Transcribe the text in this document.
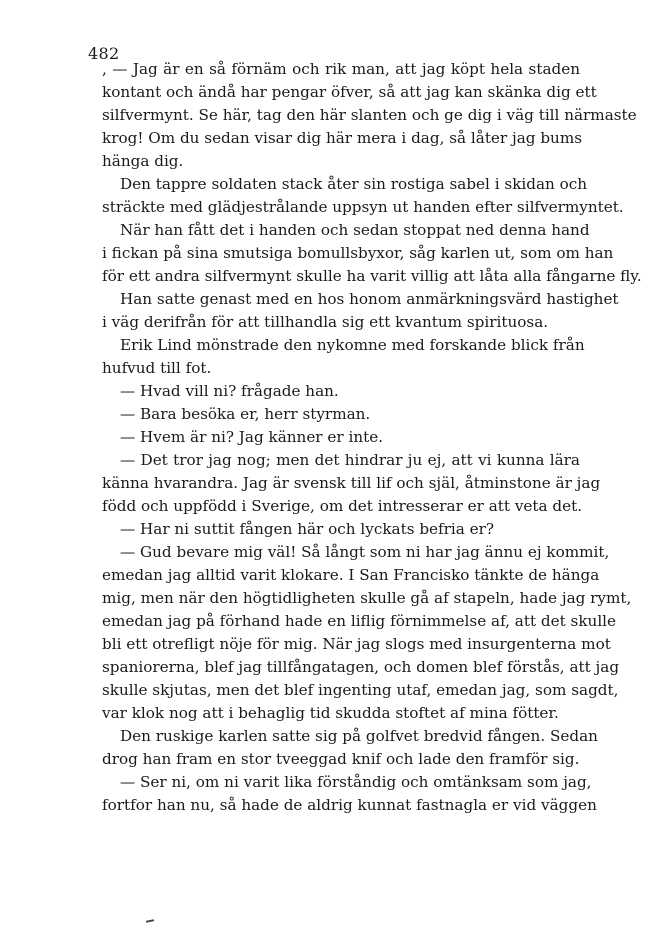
482
, — Jag är en så förnäm och rik man, att jag köpt hela staden
kontant och ändå har pengar öfver, så att jag kan skänka dig ett
silfvermynt. Se här, tag den här slanten och ge dig i väg till närmaste
krog! Om du sedan visar dig här mera i dag, så låter jag bums
hänga dig.
Den tappre soldaten stack åter sin rostiga sabel i skidan och
sträckte med glädjestrålande uppsyn ut handen efter silfvermyntet.
När han fått det i handen och sedan stoppat ned denna hand
i fickan på sina smutsiga bomullsbyxor, såg karlen ut, som om han
för ett andra silfvermynt skulle ha varit villig att låta alla fångarne fly.
Han satte genast med en hos honom anmärkningsvärd hastighet
i väg derifrån för att tillhandla sig ett kvantum spirituosa.
Erik Lind mönstrade den nykomne med forskande blick från
hufvud till fot.
— Hvad vill ni? frågade han.
— Bara besöka er, herr styrman.
— Hvem är ni? Jag känner er inte.
— Det tror jag nog; men det hindrar ju ej, att vi kunna lära
känna hvarandra. Jag är svensk till lif och själ, åtminstone är jag
född och uppfödd i Sverige, om det intresserar er att veta det.
— Har ni suttit fången här och lyckats befria er?
— Gud bevare mig väl! Så långt som ni har jag ännu ej kommit,
emedan jag alltid varit klokare. I San Francisko tänkte de hänga
mig, men när den högtidligheten skulle gå af stapeln, hade jag rymt,
emedan jag på förhand hade en liflig förnimmelse af, att det skulle
bli ett otrefligt nöje för mig. När jag slogs med insurgenterna mot
spaniorerna, blef jag tillfångatagen, och domen blef förstås, att jag
skulle skjutas, men det blef ingenting utaf, emedan jag, som sagdt,
var klok nog att i behaglig tid skudda stoftet af mina fötter.
Den ruskige karlen satte sig på golfvet bredvid fången. Sedan
drog han fram en stor tveeggad knif och lade den framför sig.
— Ser ni, om ni varit lika förståndig och omtänksam som jag,
fortfor han nu, så hade de aldrig kunnat fastnagla er vid väggen
